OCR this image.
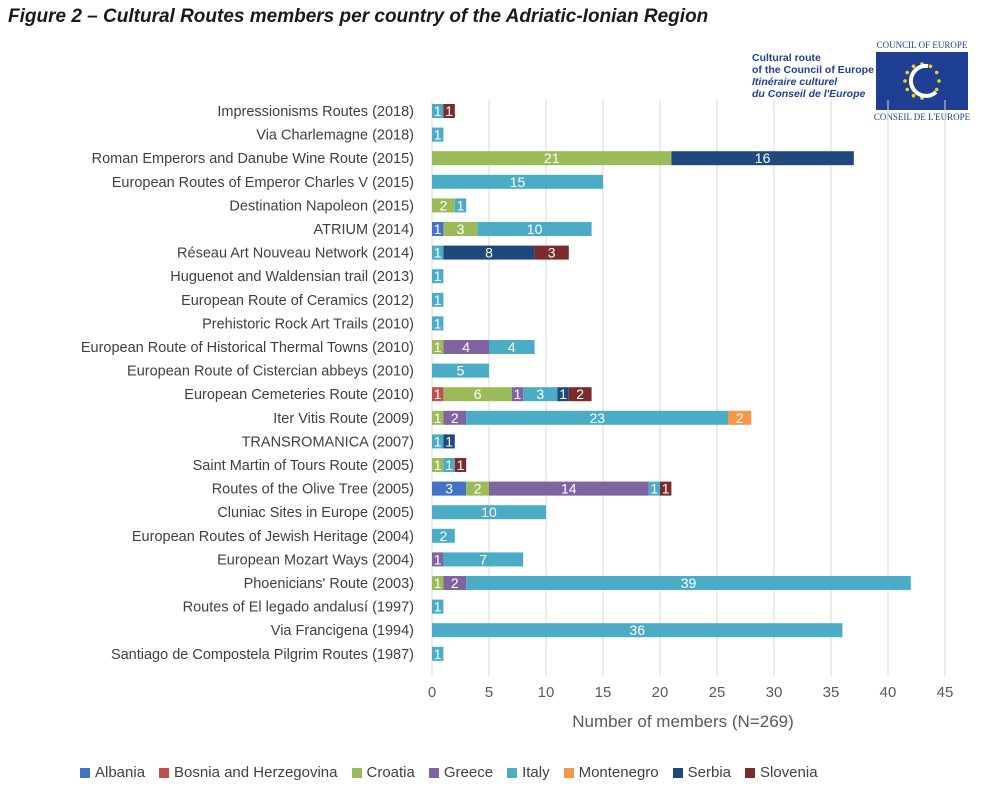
Figure 2 – Cultural Routes members per country of the Adriatic-Ionian Region
Cultural route
of the Council of Europe
Itinéraire culturel
du Conseil de l'Europe
COUNCIL OF EUROPE
CONSEIL DE L'EUROPE
0	5	10	15	20	25	30	35	40	45
Number of members (N=269)
Impressionisms Routes (2018) 1 1
Via Charlemagne (2018) 1
Roman Emperors and Danube Wine Route (2015)	21	16
European Routes of Emperor Charles V (2015)	15
Destination Napoleon (2015) 2 1
ATRIUM (2014) 1 3	10
Réseau Art Nouveau Network (2014) 1	8	3
Huguenot and Waldensian trail (2013) 1
European Route of Ceramics (2012) 1
Prehistoric Rock Art Trails (2010) 1
European Route of Historical Thermal Towns (2010) 1 4	4
European Route of Cistercian abbeys (2010)	5
European Cemeteries Route (2010) 1 6 1 3 1 2
Iter Vitis Route (2009) 1 2	23	2
TRANSROMANICA (2007) 1 1
Saint Martin of Tours Route (2005) 1 1 1
Routes of the Olive Tree (2005) 3 2	14	1 1
Cluniac Sites in Europe (2005)	10
European Routes of Jewish Heritage (2004) 2
European Mozart Ways (2004) 1	7
Phoenicians' Route (2003) 1 2	39
Routes of El legado andalusí (1997) 1
Via Francigena (1994)	36
Santiago de Compostela Pilgrim Routes (1987) 1
Albania Bosnia and Herzegovina Croatia Greece Italy Montenegro Serbia Slovenia
